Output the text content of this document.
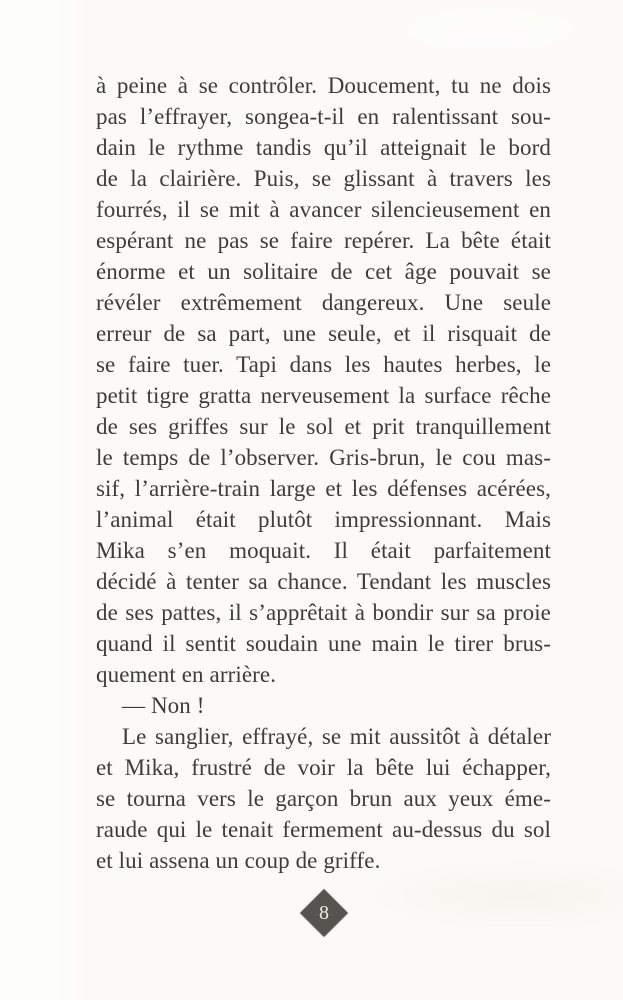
à peine à se contrôler. Doucement, tu ne dois
pas l’effrayer, songea-t-il en ralentissant sou-
dain le rythme tandis qu’il atteignait le bord
de la clairière. Puis, se glissant à travers les
fourrés, il se mit à avancer silencieusement en
espérant ne pas se faire repérer. La bête était
énorme et un solitaire de cet âge pouvait se
révéler extrêmement dangereux. Une seule
erreur de sa part, une seule, et il risquait de
se faire tuer. Tapi dans les hautes herbes, le
petit tigre gratta nerveusement la surface rêche
de ses griffes sur le sol et prit tranquillement
le temps de l’observer. Gris-brun, le cou mas-
sif, l’arrière-train large et les défenses acérées,
l’animal était plutôt impressionnant. Mais
Mika s’en moquait. Il était parfaitement
décidé à tenter sa chance. Tendant les muscles
de ses pattes, il s’apprêtait à bondir sur sa proie
quand il sentit soudain une main le tirer brus-
quement en arrière.
— Non !
Le sanglier, effrayé, se mit aussitôt à détaler
et Mika, frustré de voir la bête lui échapper,
se tourna vers le garçon brun aux yeux éme-
raude qui le tenait fermement au-dessus du sol
et lui assena un coup de griffe.
8
